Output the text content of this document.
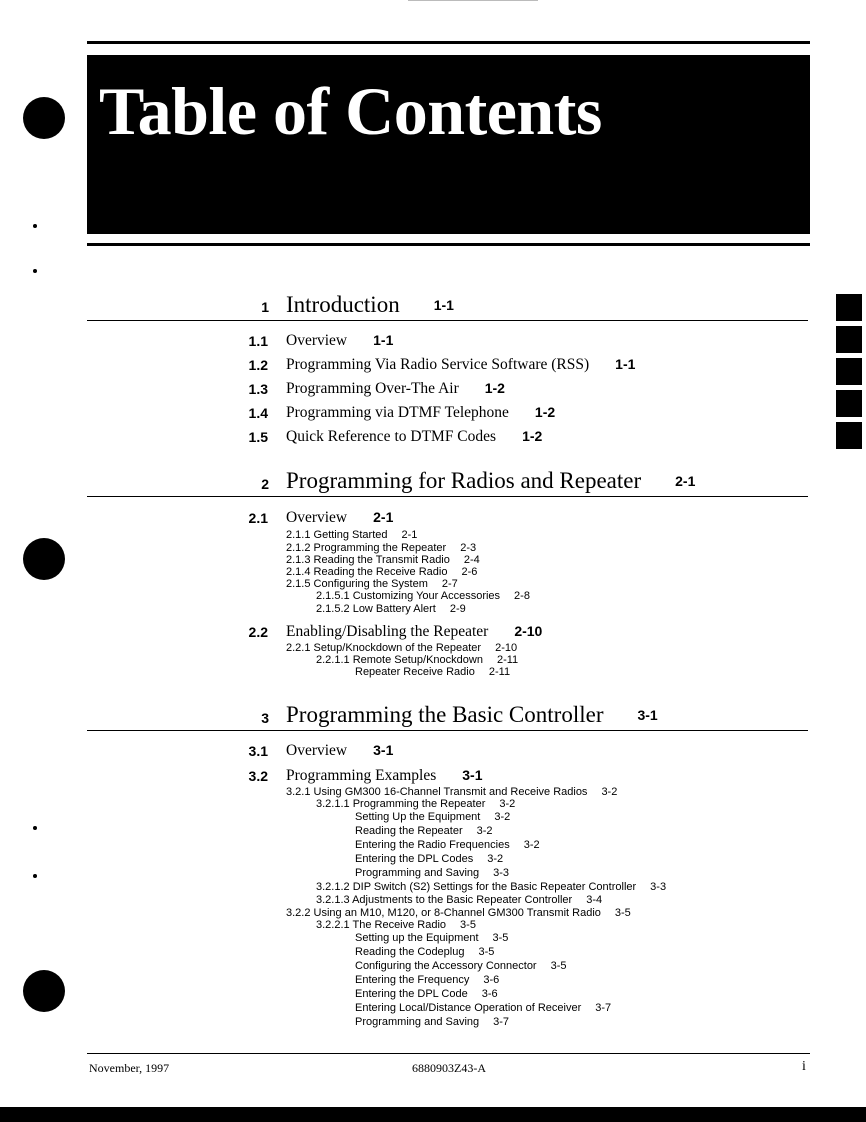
Table of Contents
1 Introduction 1-1
1.1 Overview 1-1
1.2 Programming Via Radio Service Software (RSS) 1-1
1.3 Programming Over-The Air 1-2
1.4 Programming via DTMF Telephone 1-2
1.5 Quick Reference to DTMF Codes 1-2
2 Programming for Radios and Repeater 2-1
2.1 Overview 2-1
2.1.1 Getting Started 2-1
2.1.2 Programming the Repeater 2-3
2.1.3 Reading the Transmit Radio 2-4
2.1.4 Reading the Receive Radio 2-6
2.1.5 Configuring the System 2-7
2.1.5.1 Customizing Your Accessories 2-8
2.1.5.2 Low Battery Alert 2-9
2.2 Enabling/Disabling the Repeater 2-10
2.2.1 Setup/Knockdown of the Repeater 2-10
2.2.1.1 Remote Setup/Knockdown 2-11
Repeater Receive Radio 2-11
3 Programming the Basic Controller 3-1
3.1 Overview 3-1
3.2 Programming Examples 3-1
3.2.1 Using GM300 16-Channel Transmit and Receive Radios 3-2
3.2.1.1 Programming the Repeater 3-2
Setting Up the Equipment 3-2
Reading the Repeater 3-2
Entering the Radio Frequencies 3-2
Entering the DPL Codes 3-2
Programming and Saving 3-3
3.2.1.2 DIP Switch (S2) Settings for the Basic Repeater Controller 3-3
3.2.1.3 Adjustments to the Basic Repeater Controller 3-4
3.2.2 Using an M10, M120, or 8-Channel GM300 Transmit Radio 3-5
3.2.2.1 The Receive Radio 3-5
Setting up the Equipment 3-5
Reading the Codeplug 3-5
Configuring the Accessory Connector 3-5
Entering the Frequency 3-6
Entering the DPL Code 3-6
Entering Local/Distance Operation of Receiver 3-7
Programming and Saving 3-7
November, 1997	6880903Z43-A	i
